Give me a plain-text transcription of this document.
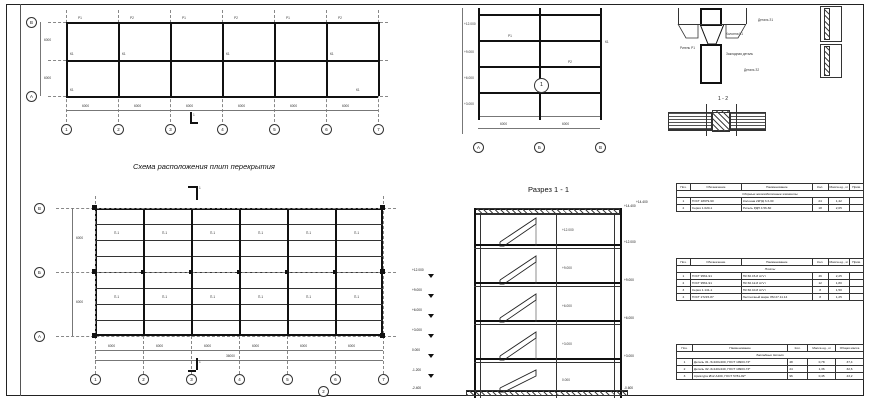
Р1	Р2	Р1	Р2	Р1	Р2
К1	К1	К1	К1
К1	К1
6000	6000	6000	6000	6000	6000
6000
6000
1	2	3	4	5	6	7
В
А
1
+12.000
+9.000
+6.000
+3.000
Р1
Р2
К1
1
6000	6000
А	Б	В
Ригель Р1
Колонна К1
Закладная деталь
Деталь З1
Деталь З2
1 - 2
Схема расположения плит перекрытия
П-1	П-1	П-1	П-1	П-1	П-1
П-1	П-1	П-1	П-1	П-1	П-1
6000	6000	6000	6000	6000	6000
36000
6000
6000
1	2	3	4	5	6	7
В
Б
А
1
1
2
Разрез 1 - 1
+14.400
+12.000
+9.000
+6.000
+3.000
-0.600
+12.000
+9.000
+6.000
+3.000
0.000
-1.200
-2.400
+12.000
+9.000
+6.000
+3.000
0.000
+14.400
Поз.	Обозначение	Наименование	Кол.	Масса ед., кг	Прим.
Сборные железобетонные элементы					
1	ГОСТ 18979-90	Колонна 2КНД 3.3-30	24	1,42	
2	Серия 1.020-1	Ригель РДП 4.56-60	18	2,05	
Поз.	Обозначение	Наименование	Кол.	Масса ед., кг	Прим.
Плиты					
1	ГОСТ 9561-91	ПК 60.15-8 АтVт	46	2,25	
2	ГОСТ 9561-91	ПК 60.12-8 АтVт	12	1,80	
3	Серия 1.141-1	ПК 60.10-8 АтVт	8	1,50	
4	ГОСТ 27215-87	Лестничный марш ЛМ 27.11.14	8	1,25	
Поз.	Наименование	Кол.	Масса ед., кг	Общая масса
Закладные детали				
1	Деталь З1 -5х100х200, ГОСТ 19903-74*	48	0,78	37,4
2	Деталь З2 -6х120х240, ГОСТ 19903-74*	24	1,36	32,6
3	Арматура Ø12 А400, ГОСТ 5781-82*	96	0,45	43,2
